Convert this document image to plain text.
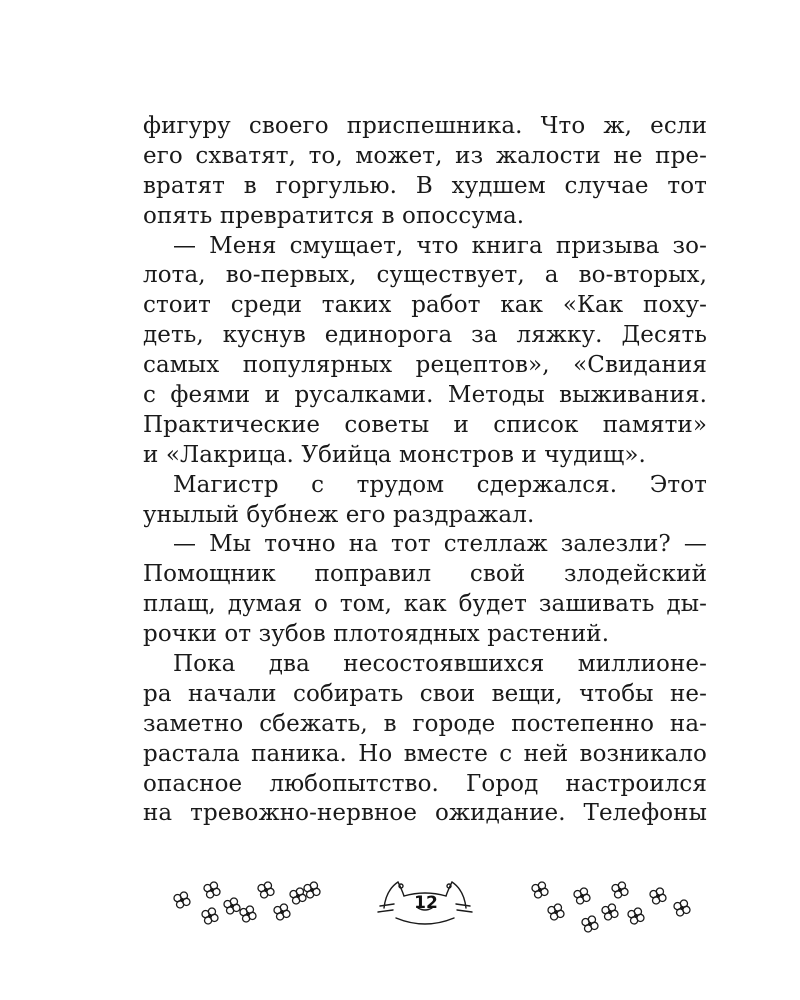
фигуру своего приспешника. Что ж, если
его схватят, то, может, из жалости не пре-
вратят в горгулью. В худшем случае тот
опять превратится в опоссума.
— Меня смущает, что книга призыва зо-
лота, во-первых, существует, а во-вторых,
стоит среди таких работ как «Как поху-
деть, куснув единорога за ляжку. Десять
самых популярных рецептов», «Свидания
с феями и русалками. Методы выживания.
Практические советы и список памяти»
и «Лакрица. Убийца монстров и чудищ».
Магистр с трудом сдержался. Этот
унылый бубнеж его раздражал.
— Мы точно на тот стеллаж залезли? —
Помощник поправил свой злодейский
плащ, думая о том, как будет зашивать ды-
рочки от зубов плотоядных растений.
Пока два несостоявшихся миллионе-
ра начали собирать свои вещи, чтобы не-
заметно сбежать, в городе постепенно на-
растала паника. Но вместе с ней возникало
опасное любопытство. Город настроился
на тревожно-нервное ожидание. Телефоны
12
